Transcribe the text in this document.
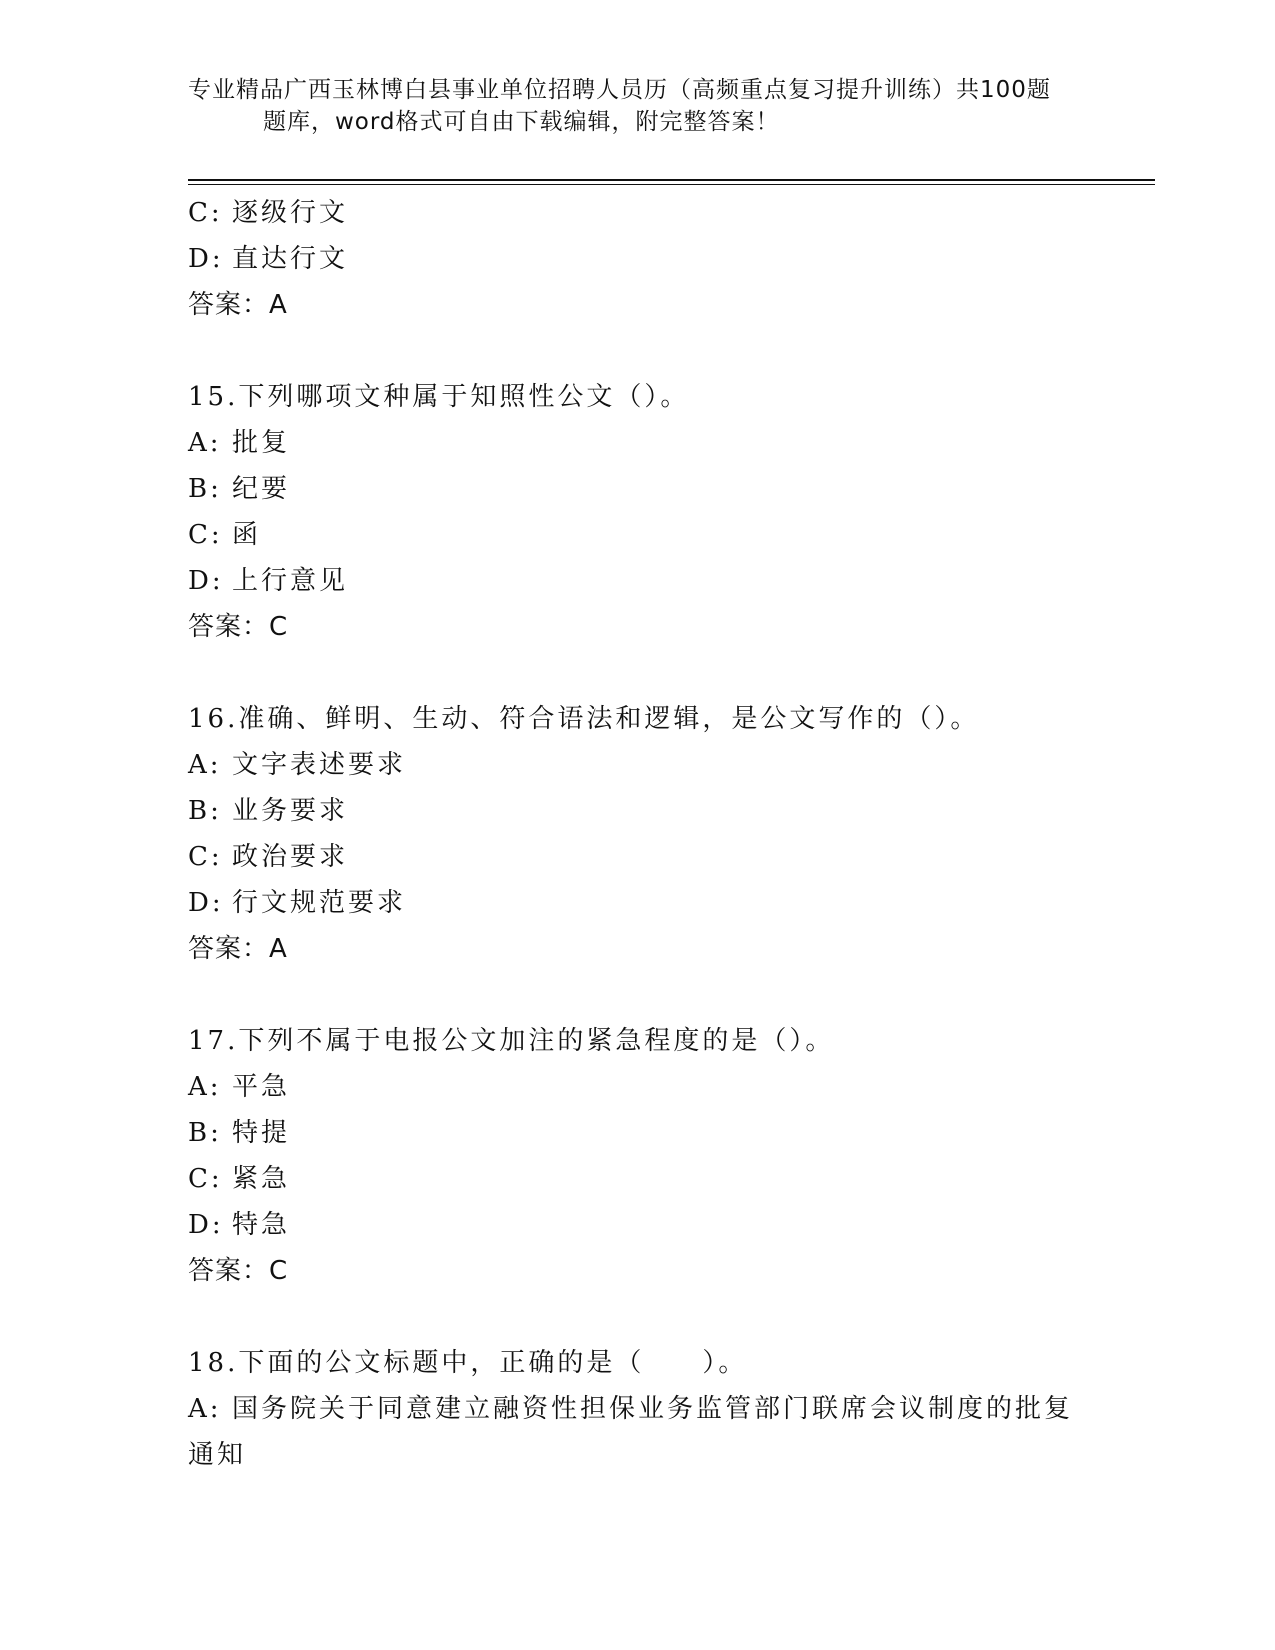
专业精品广西玉林博白县事业单位招聘人员历（高频重点复习提升训练）共100题
题库，word格式可自由下载编辑，附完整答案！
C: 逐级行文
D: 直达行文
答案：A
15.下列哪项文种属于知照性公文（）。
A: 批复
B: 纪要
C: 函
D: 上行意见
答案：C
16.准确、鲜明、生动、符合语法和逻辑，是公文写作的（）。
A: 文字表述要求
B: 业务要求
C: 政治要求
D: 行文规范要求
答案：A
17.下列不属于电报公文加注的紧急程度的是（）。
A: 平急
B: 特提
C: 紧急
D: 特急
答案：C
18.下面的公文标题中，正确的是（　　）。
A: 国务院关于同意建立融资性担保业务监管部门联席会议制度的批复通知
